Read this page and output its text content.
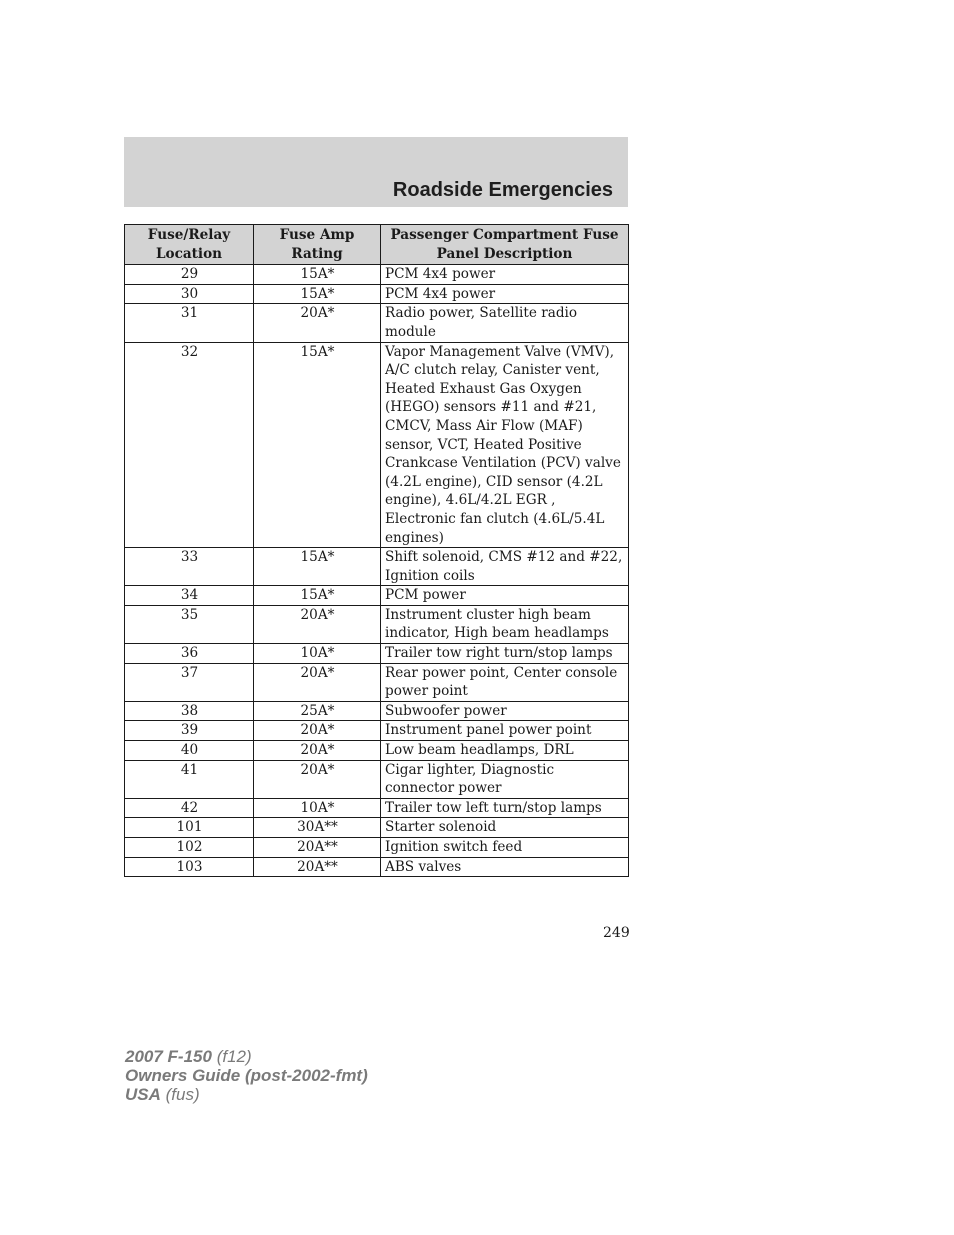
Roadside Emergencies
Fuse/Relay Location	Fuse Amp Rating	Passenger Compartment Fuse Panel Description
29	15A*	PCM 4x4 power
30	15A*	PCM 4x4 power
31	20A*	Radio power, Satellite radio module
32	15A*	Vapor Management Valve (VMV), A/C clutch relay, Canister vent, Heated Exhaust Gas Oxygen (HEGO) sensors #11 and #21, CMCV, Mass Air Flow (MAF) sensor, VCT, Heated Positive Crankcase Ventilation (PCV) valve (4.2L engine), CID sensor (4.2L engine), 4.6L/4.2L EGR , Electronic fan clutch (4.6L/5.4L engines)
33	15A*	Shift solenoid, CMS #12 and #22, Ignition coils
34	15A*	PCM power
35	20A*	Instrument cluster high beam indicator, High beam headlamps
36	10A*	Trailer tow right turn/stop lamps
37	20A*	Rear power point, Center console power point
38	25A*	Subwoofer power
39	20A*	Instrument panel power point
40	20A*	Low beam headlamps, DRL
41	20A*	Cigar lighter, Diagnostic connector power
42	10A*	Trailer tow left turn/stop lamps
101	30A**	Starter solenoid
102	20A**	Ignition switch feed
103	20A**	ABS valves
249
2007 F-150 (f12)
Owners Guide (post-2002-fmt)
USA (fus)
